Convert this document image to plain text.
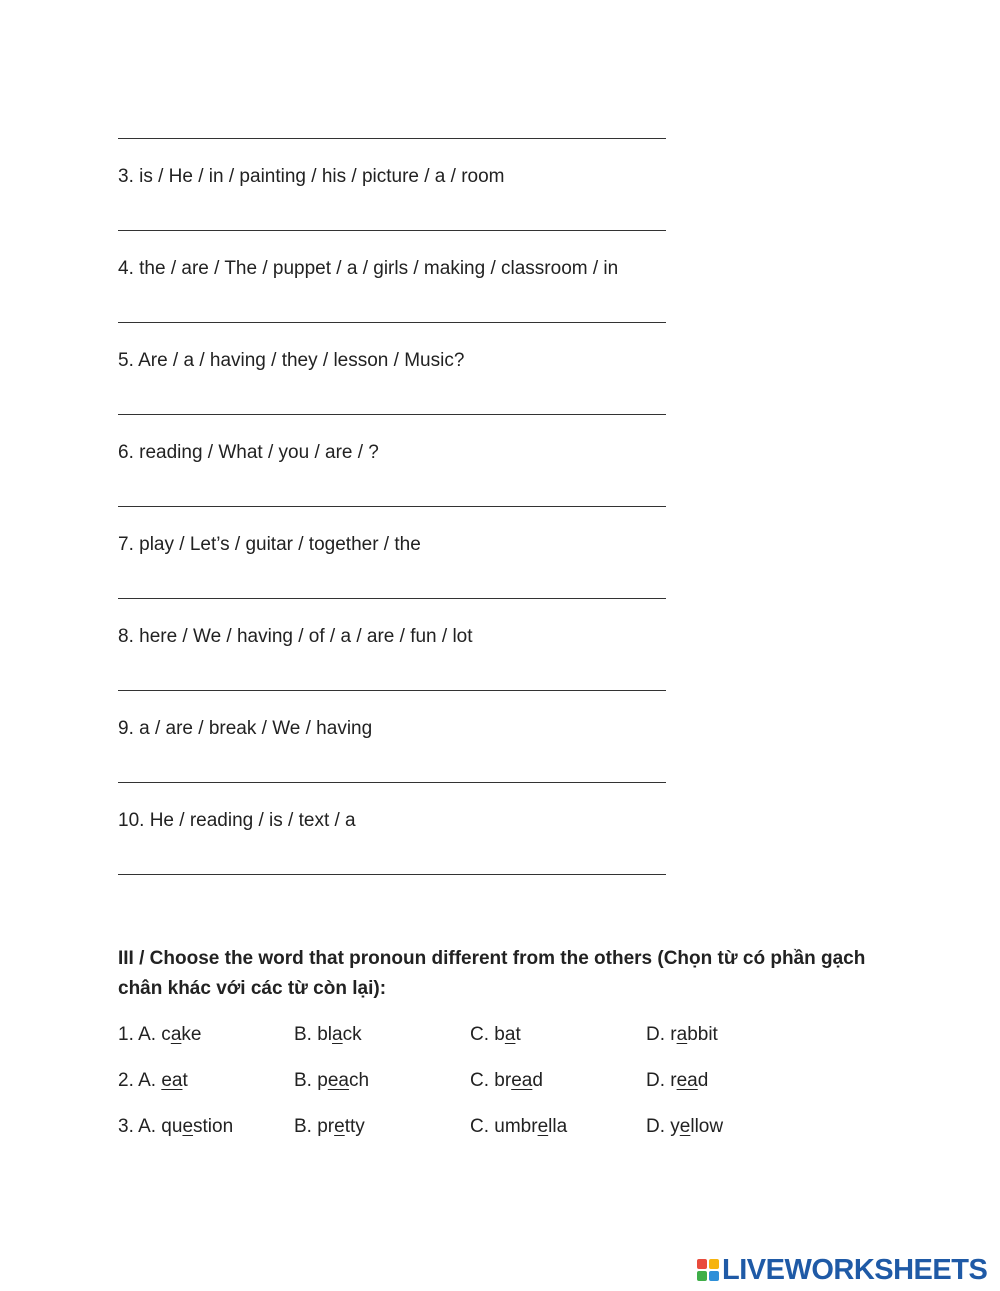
3. is / He / in / painting / his / picture / a / room
4. the / are / The / puppet / a / girls / making / classroom / in
5. Are / a / having / they / lesson / Music?
6. reading / What / you / are / ?
7. play / Let’s / guitar / together / the
8. here / We / having / of / a / are / fun / lot
9. a / are / break / We / having
10. He / reading / is / text / a
III / Choose the word that pronoun different from the others (Chọn từ có phần gạch chân khác với các từ còn lại):
1. A. cake	B. black	C. bat	D. rabbit
2. A. eat	B. peach	C. bread	D. read
3. A. question	B. pretty	C. umbrella	D. yellow
LIVEWORKSHEETS
